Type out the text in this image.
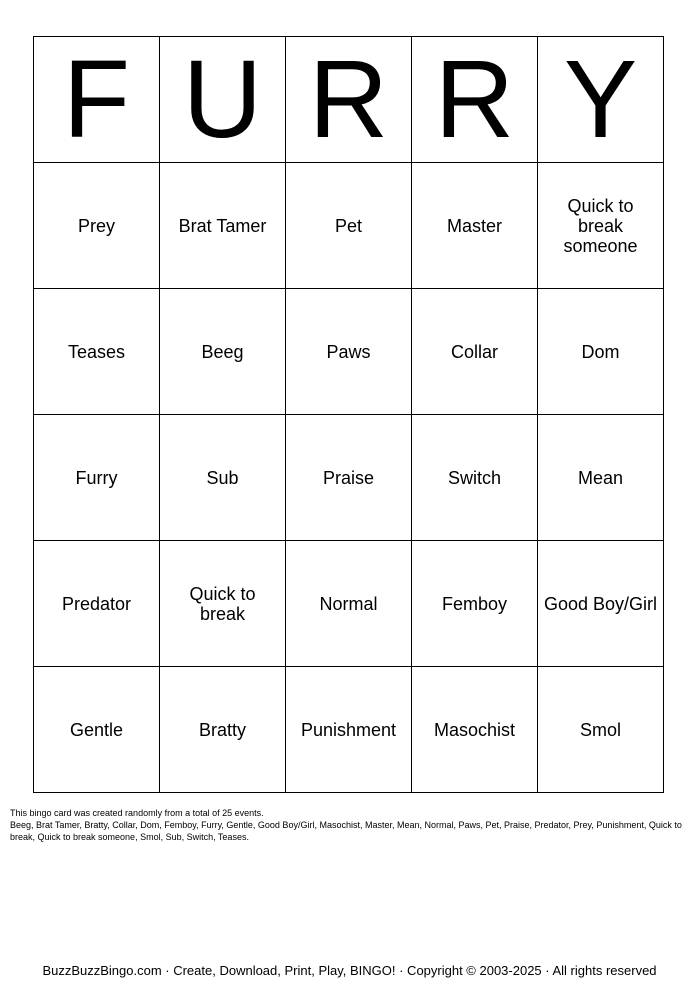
F	U	R	R	Y
Prey	Brat Tamer	Pet	Master	Quick to break someone
Teases	Beeg	Paws	Collar	Dom
Furry	Sub	Praise	Switch	Mean
Predator	Quick to break	Normal	Femboy	Good Boy/Girl
Gentle	Bratty	Punishment	Masochist	Smol

This bingo card was created randomly from a total of 25 events.

Beeg, Brat Tamer, Bratty, Collar, Dom, Femboy, Furry, Gentle, Good Boy/Girl, Masochist, Master, Mean, Normal, Paws, Pet, Praise, Predator, Prey, Punishment, Quick to break, Quick to break someone, Smol, Sub, Switch, Teases.

BuzzBuzzBingo.com · Create, Download, Print, Play, BINGO! · Copyright © 2003-2025 · All rights reserved
